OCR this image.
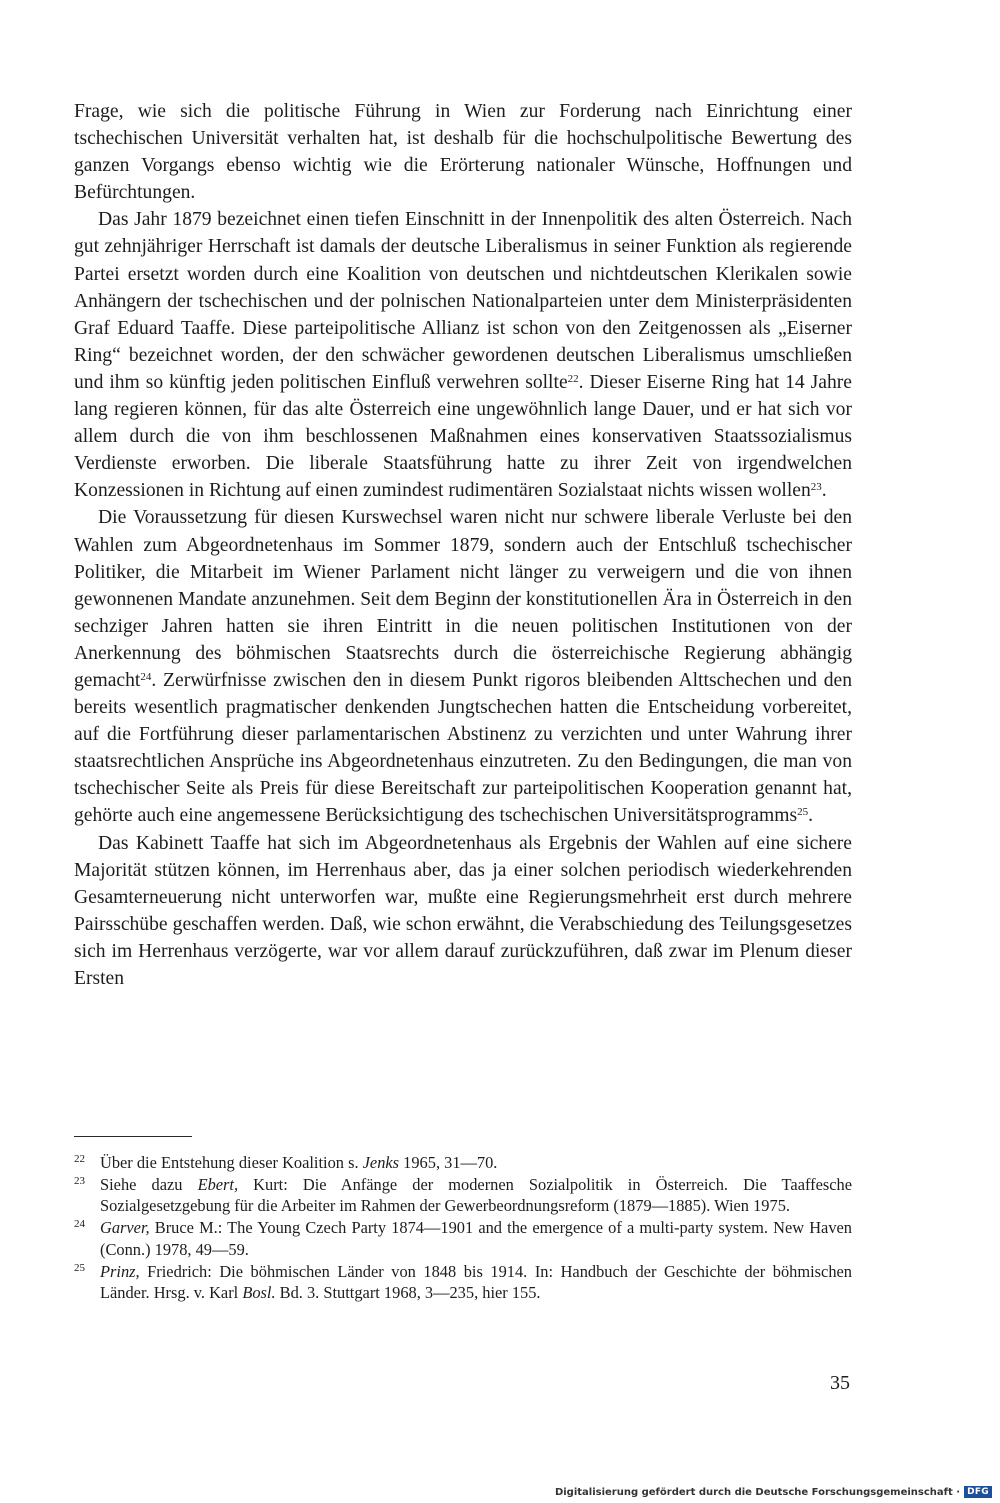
Frage, wie sich die politische Führung in Wien zur Forderung nach Einrichtung einer tschechischen Universität verhalten hat, ist deshalb für die hochschulpolitische Bewertung des ganzen Vorgangs ebenso wichtig wie die Erörterung nationaler Wünsche, Hoffnungen und Befürchtungen.

Das Jahr 1879 bezeichnet einen tiefen Einschnitt in der Innenpolitik des alten Österreich. Nach gut zehnjähriger Herrschaft ist damals der deutsche Liberalismus in seiner Funktion als regierende Partei ersetzt worden durch eine Koalition von deutschen und nichtdeutschen Klerikalen sowie Anhängern der tschechischen und der polnischen Nationalparteien unter dem Ministerpräsidenten Graf Eduard Taaffe. Diese parteipolitische Allianz ist schon von den Zeitgenossen als „Eiserner Ring“ bezeichnet worden, der den schwächer gewordenen deutschen Liberalismus umschließen und ihm so künftig jeden politischen Einfluß verwehren sollte$^{22}$. Dieser Eiserne Ring hat 14 Jahre lang regieren können, für das alte Österreich eine ungewöhnlich lange Dauer, und er hat sich vor allem durch die von ihm beschlossenen Maßnahmen eines konservativen Staatssozialismus Verdienste erworben. Die liberale Staatsführung hatte zu ihrer Zeit von irgendwelchen Konzessionen in Richtung auf einen zumindest rudimentären Sozialstaat nichts wissen wollen$^{23}$.

Die Voraussetzung für diesen Kurswechsel waren nicht nur schwere liberale Verluste bei den Wahlen zum Abgeordnetenhaus im Sommer 1879, sondern auch der Entschluß tschechischer Politiker, die Mitarbeit im Wiener Parlament nicht länger zu verweigern und die von ihnen gewonnenen Mandate anzunehmen. Seit dem Beginn der konstitutionellen Ära in Österreich in den sechziger Jahren hatten sie ihren Eintritt in die neuen politischen Institutionen von der Anerkennung des böhmischen Staatsrechts durch die österreichische Regierung abhängig gemacht$^{24}$. Zerwürfnisse zwischen den in diesem Punkt rigoros bleibenden Alttschechen und den bereits wesentlich pragmatischer denkenden Jungtschechen hatten die Entscheidung vorbereitet, auf die Fortführung dieser parlamentarischen Abstinenz zu verzichten und unter Wahrung ihrer staatsrechtlichen Ansprüche ins Abgeordnetenhaus einzutreten. Zu den Bedingungen, die man von tschechischer Seite als Preis für diese Bereitschaft zur parteipolitischen Kooperation genannt hat, gehörte auch eine angemessene Berücksichtigung des tschechischen Universitätsprogramms$^{25}$.

Das Kabinett Taaffe hat sich im Abgeordnetenhaus als Ergebnis der Wahlen auf eine sichere Majorität stützen können, im Herrenhaus aber, das ja einer solchen periodisch wiederkehrenden Gesamterneuerung nicht unterworfen war, mußte eine Regierungsmehrheit erst durch mehrere Pairsschübe geschaffen werden. Daß, wie schon erwähnt, die Verabschiedung des Teilungsgesetzes sich im Herrenhaus verzögerte, war vor allem darauf zurückzuführen, daß zwar im Plenum dieser Ersten

22 Über die Entstehung dieser Koalition s. Jenks 1965, 31—70.

23 Siehe dazu Ebert, Kurt: Die Anfänge der modernen Sozialpolitik in Österreich. Die Taaffesche Sozialgesetzgebung für die Arbeiter im Rahmen der Gewerbeordnungsreform (1879—1885). Wien 1975.

24 Garver, Bruce M.: The Young Czech Party 1874—1901 and the emergence of a multi-party system. New Haven (Conn.) 1978, 49—59.

25 Prinz, Friedrich: Die böhmischen Länder von 1848 bis 1914. In: Handbuch der Geschichte der böhmischen Länder. Hrsg. v. Karl Bosl. Bd. 3. Stuttgart 1968, 3—235, hier 155.

35
Digitalisierung gefördert durch die Deutsche Forschungsgemeinschaft · DFG
